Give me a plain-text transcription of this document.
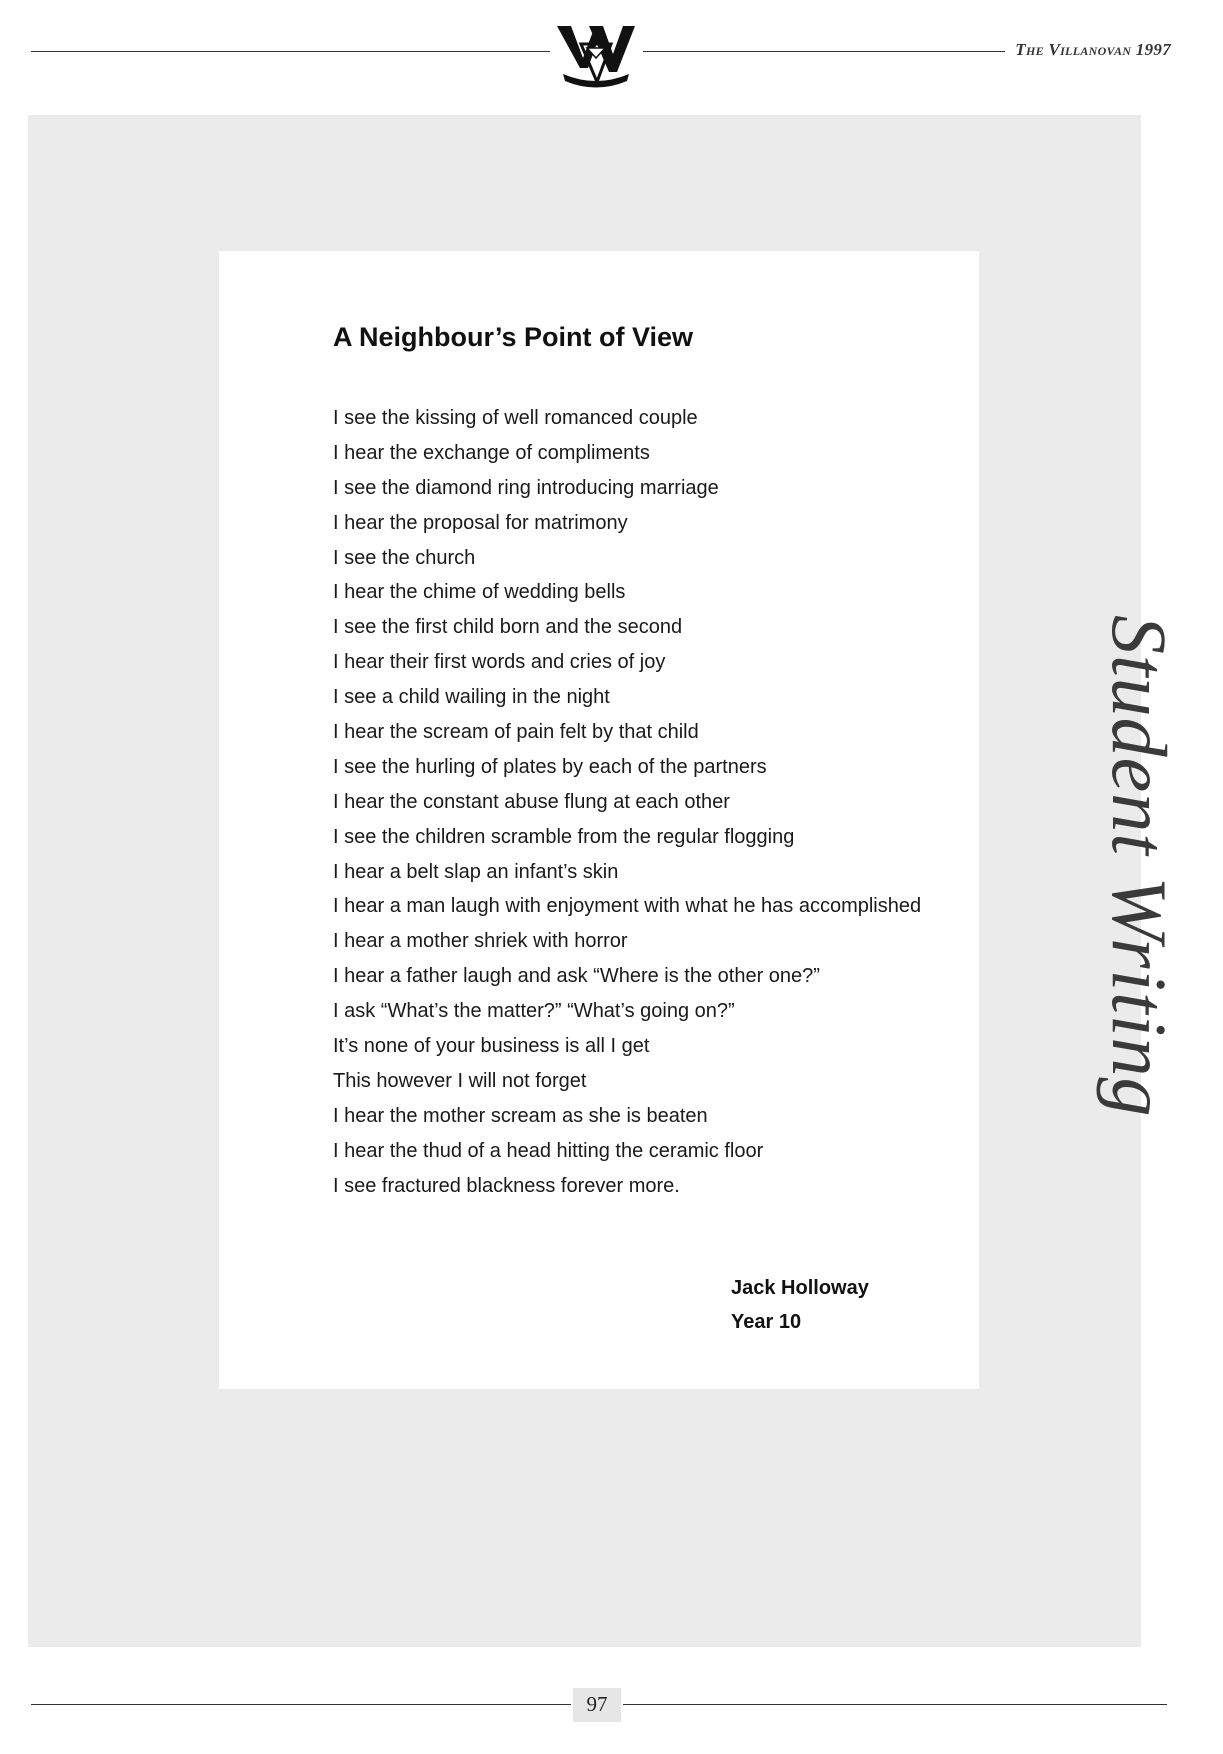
The Villanovan 1997
A Neighbour’s Point of View
I see the kissing of well romanced couple
I hear the exchange of compliments
I see the diamond ring introducing marriage
I hear the proposal for matrimony
I see the church
I hear the chime of wedding bells
I see the first child born and the second
I hear their first words and cries of joy
I see a child wailing in the night
I hear the scream of pain felt by that child
I see the hurling of plates by each of the partners
I hear the constant abuse flung at each other
I see the children scramble from the regular flogging
I hear a belt slap an infant’s skin
I hear a man laugh with enjoyment with what he has accomplished
I hear a mother shriek with horror
I hear a father laugh and ask “Where is the other one?”
I ask “What’s the matter?” “What’s going on?”
It’s none of your business is all I get
This however I will not forget
I hear the mother scream as she is beaten
I hear the thud of a head hitting the ceramic floor
I see fractured blackness forever more.
Jack Holloway
Year 10
Student Writing
97
